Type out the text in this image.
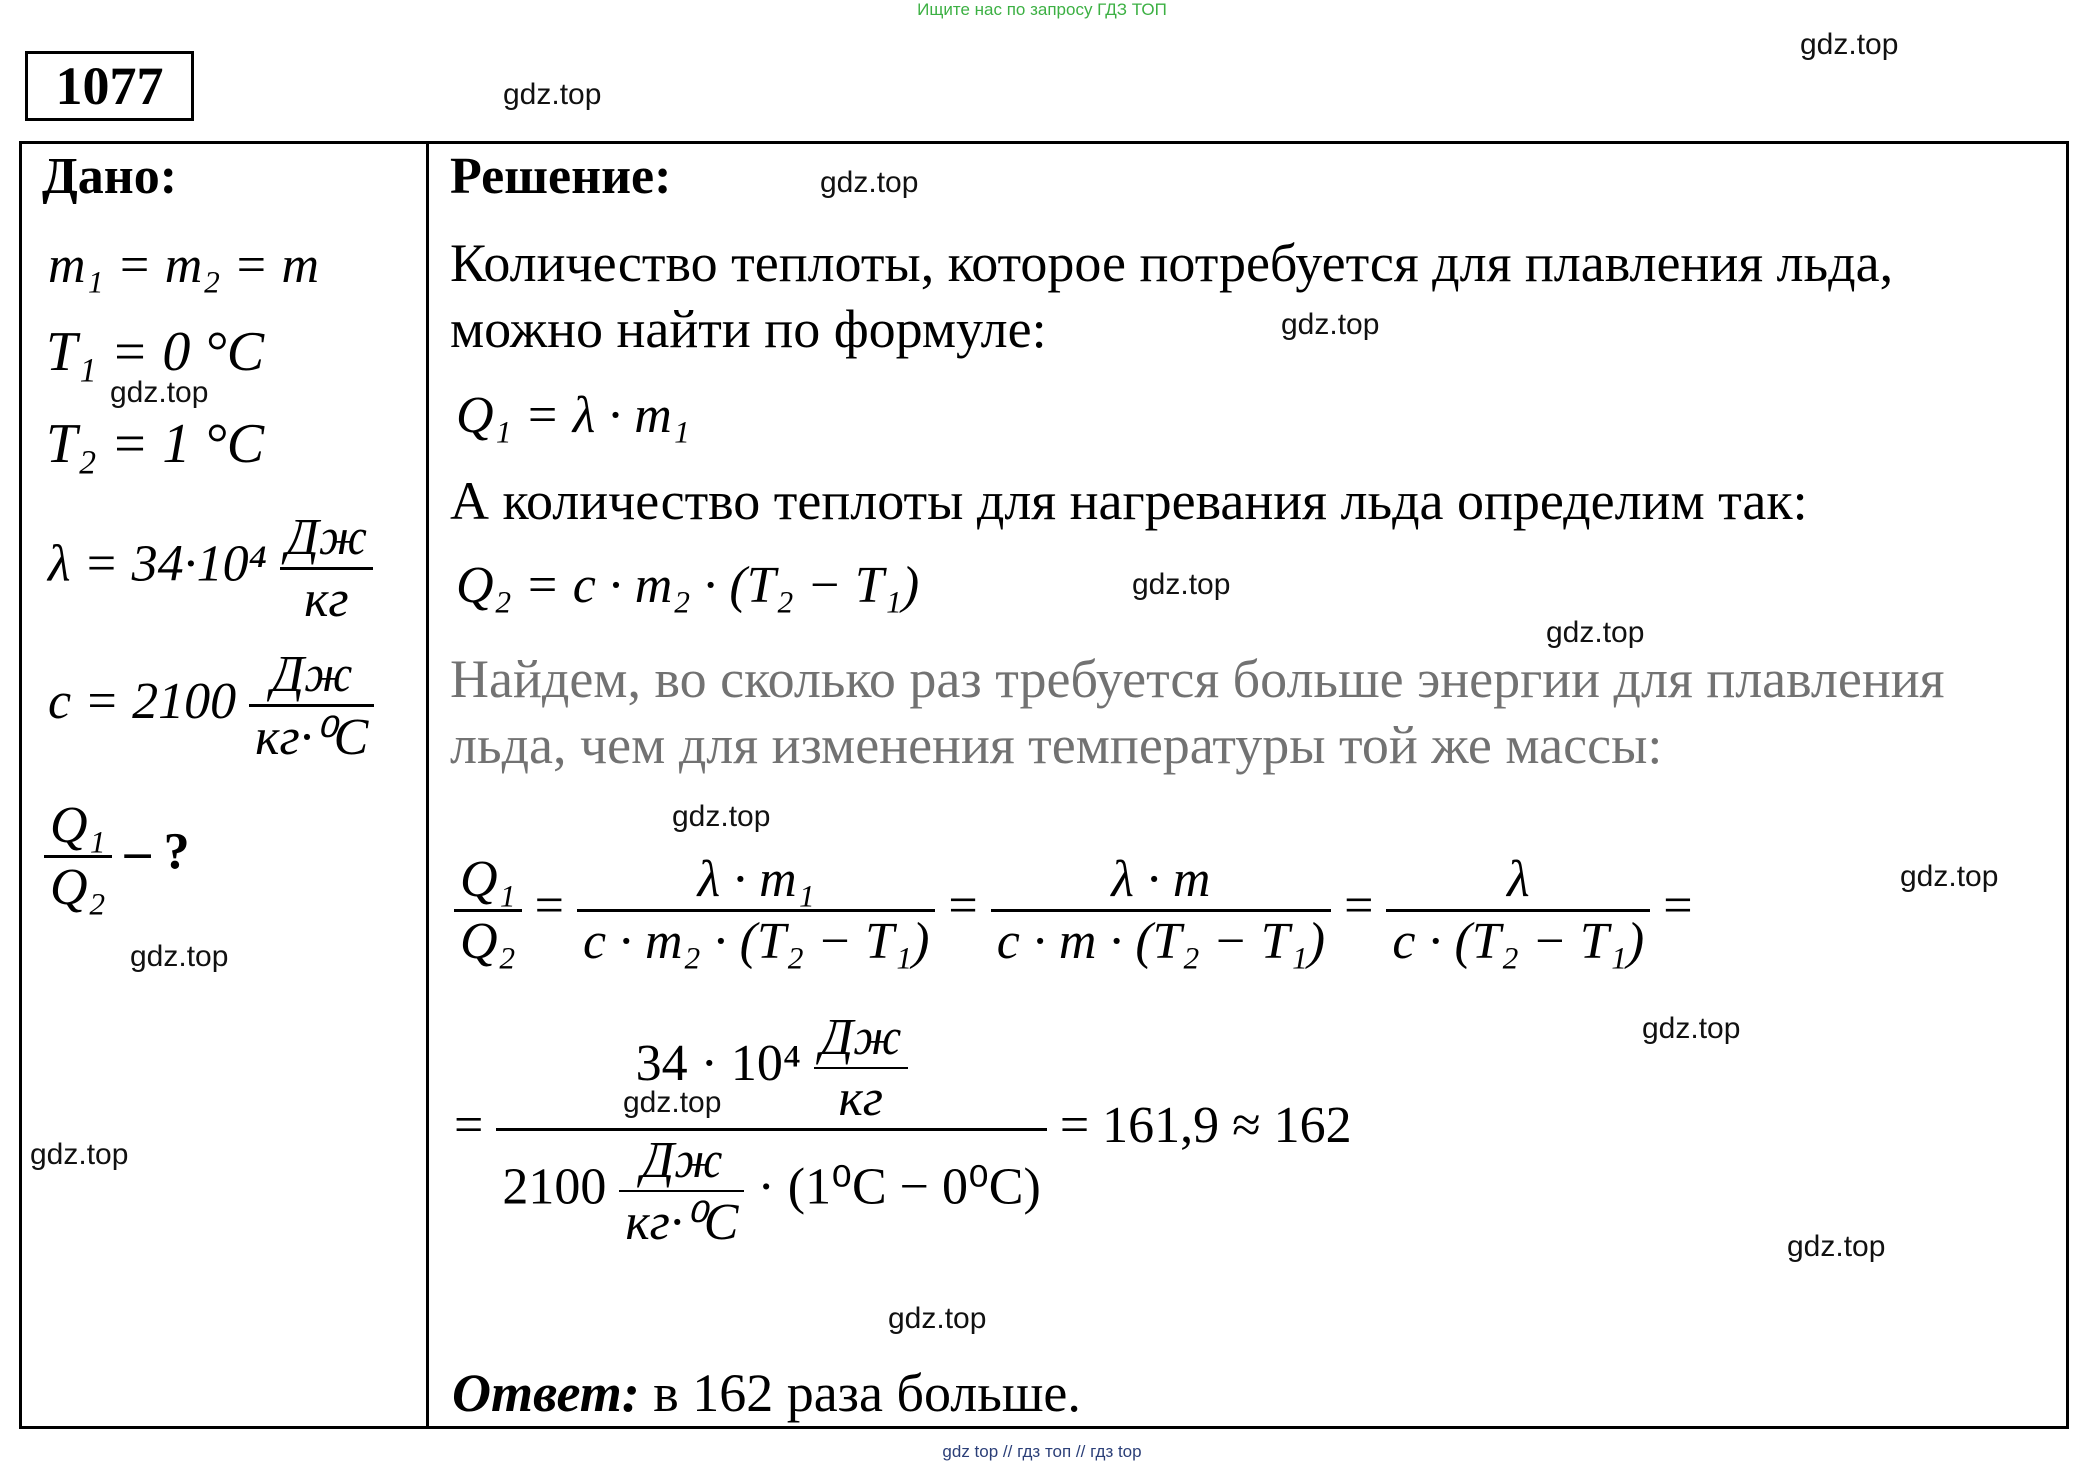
Ищите нас по запросу ГДЗ ТОП
1077
Дано:
m₁ = m₂ = m
T₁ = 0 °C
T₂ = 1 °C
$\lambda = 34\cdot 10^4 \frac{Дж}{кг}$
$c = 2100 \frac{Дж}{\text{кг·⁰C}}$
$\frac{\text{Q₁}}{\text{Q₂}}$ – ?
Решение:
Количество теплоты, которое потребуется для плавления льда, можно найти по формуле:
Q₁ = λ · m₁
А количество теплоты для нагревания льда определим так:
Q₂ = c · m₂ · (T₂ − T₁)
Найдем, во сколько раз требуется больше энергии для плавления льда, чем для изменения температуры той же массы:
$\frac{\text{Q₁}}{\text{Q₂}} = \frac{\text{λ · m₁}}{\text{c · m₂ · (T₂ − T₁)}} = \frac{\lambda \cdot m}{\text{c · m · (T₂ − T₁)}} = \frac{\lambda}{\text{c · (T₂ − T₁)}}$ =
=
$34 \cdot 10^4 \frac{Дж}{кг}$
$2100 \frac{Дж}{\text{кг·⁰C}} \cdot (1^0C - 0^0C)$
= 161,9 ≈ 162
Ответ: в 162 раза больше.
gdz.top
gdz.top
gdz.top
gdz.top
gdz.top
gdz.top
gdz.top
gdz.top
gdz.top
gdz.top
gdz.top
gdz.top
gdz.top
gdz.top
gdz.top
gdz top // гдз топ // гдз top
